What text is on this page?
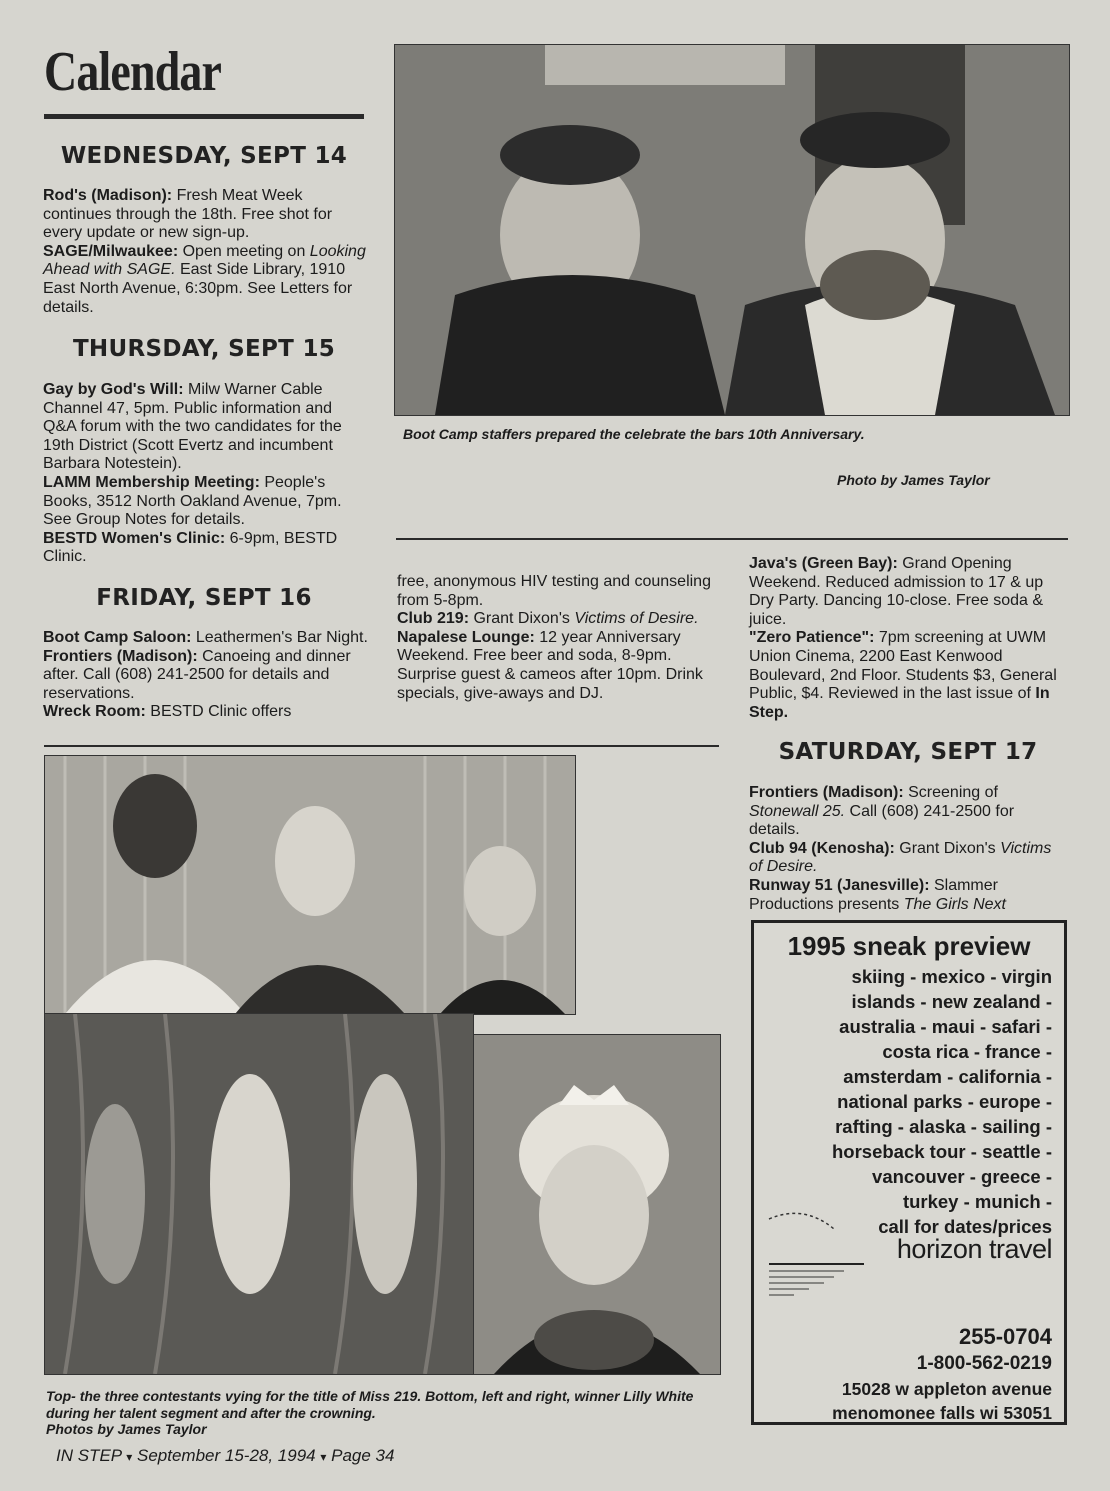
Calendar
WEDNESDAY, SEPT 14

Rod's (Madison): Fresh Meat Week continues through the 18th. Free shot for every update or new sign-up.

SAGE/Milwaukee: Open meeting on Looking Ahead with SAGE. East Side Library, 1910 East North Avenue, 6:30pm. See Letters for details.

THURSDAY, SEPT 15

Gay by God's Will: Milw Warner Cable Channel 47, 5pm. Public information and Q&A forum with the two candidates for the 19th District (Scott Evertz and incumbent Barbara Notestein).

LAMM Membership Meeting: People's Books, 3512 North Oakland Avenue, 7pm. See Group Notes for details.

BESTD Women's Clinic: 6-9pm, BESTD Clinic.

Boot Camp staffers prepared the celebrate the bars 10th Anniversary.
Photo by James Taylor
FRIDAY, SEPT 16

Boot Camp Saloon: Leathermen's Bar Night.

Frontiers (Madison): Canoeing and dinner after. Call (608) 241-2500 for details and reservations.

Wreck Room: BESTD Clinic offers

free, anonymous HIV testing and counseling from 5-8pm.

Club 219: Grant Dixon's Victims of Desire.

Napalese Lounge: 12 year Anniversary Weekend. Free beer and soda, 8-9pm. Surprise guest & cameos after 10pm. Drink specials, give-aways and DJ.

Java's (Green Bay): Grand Opening Weekend. Reduced admission to 17 & up Dry Party. Dancing 10-close. Free soda & juice.

"Zero Patience": 7pm screening at UWM Union Cinema, 2200 East Kenwood Boulevard, 2nd Floor. Students $3, General Public, $4. Reviewed in the last issue of In Step.

SATURDAY, SEPT 17

Frontiers (Madison): Screening of Stonewall 25. Call (608) 241-2500 for details.

Club 94 (Kenosha): Grant Dixon's Victims of Desire.

Runway 51 (Janesville): Slammer Productions presents The Girls Next

Top- the three contestants vying for the title of Miss 219. Bottom, left and right, winner Lilly White during her talent segment and after the crowning.
Photos by James Taylor
1995 sneak preview
skiing - mexico - virgin
islands - new zealand -
australia - maui - safari -
costa rica - france -
amsterdam - california -
national parks - europe -
rafting - alaska - sailing -
horseback tour - seattle -
vancouver - greece -
turkey - munich -
call for dates/prices
horizon travel
255-0704
1-800-562-0219
15028 w appleton avenue
menomonee falls wi 53051
IN STEP ▾ September 15-28, 1994 ▾ Page 34
